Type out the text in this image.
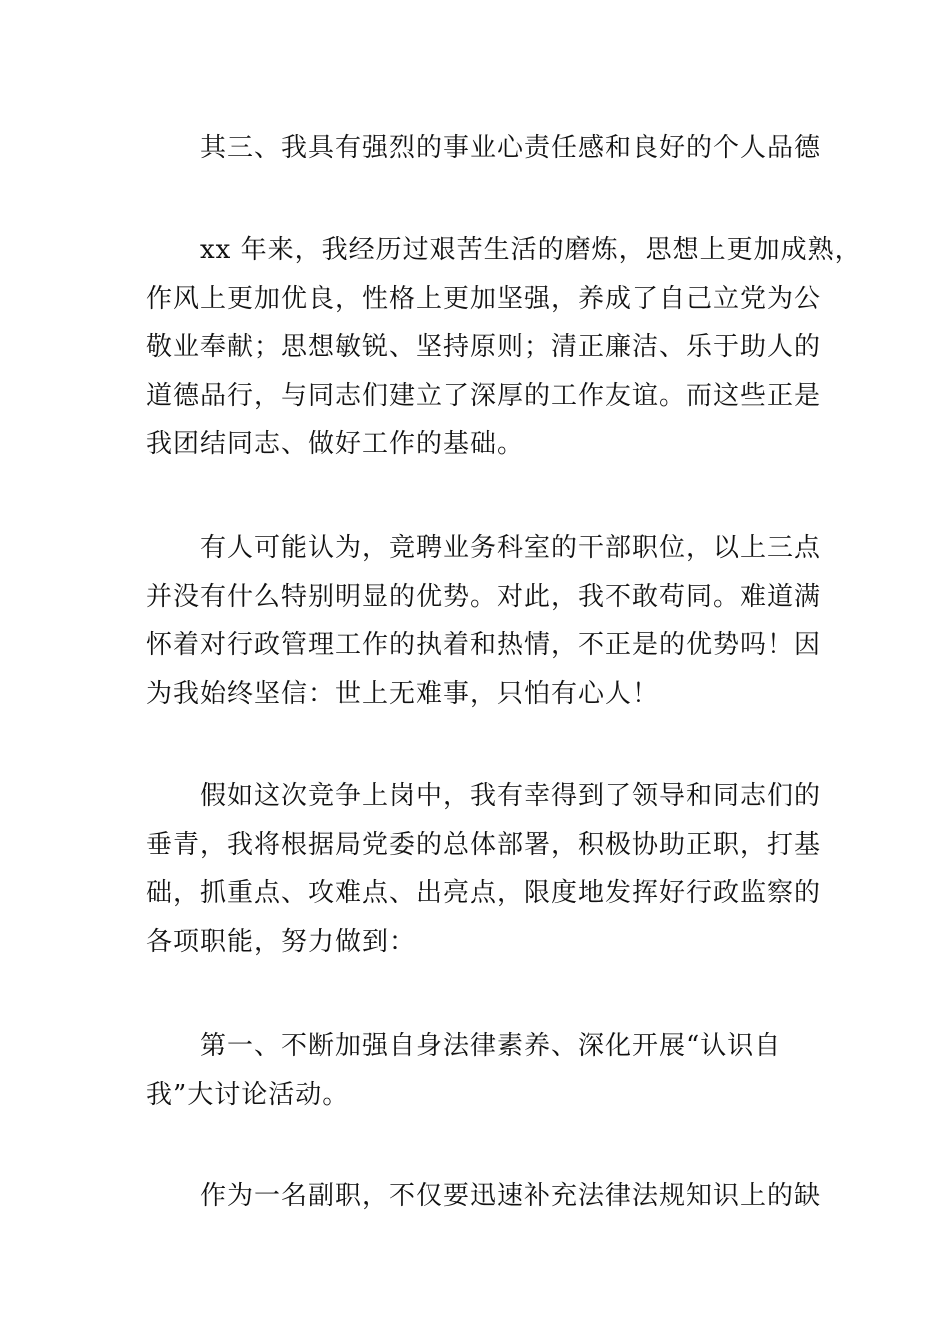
其三、我具有强烈的事业心责任感和良好的个人品德

xx 年来，我经历过艰苦生活的磨炼，思想上更加成熟，
作风上更加优良，性格上更加坚强，养成了自己立党为公
敬业奉献；思想敏锐、坚持原则；清正廉洁、乐于助人的
道德品行，与同志们建立了深厚的工作友谊。而这些正是
我团结同志、做好工作的基础。

有人可能认为，竞聘业务科室的干部职位，以上三点
并没有什么特别明显的优势。对此，我不敢苟同。难道满
怀着对行政管理工作的执着和热情，不正是的优势吗！因
为我始终坚信：世上无难事，只怕有心人！

假如这次竞争上岗中，我有幸得到了领导和同志们的
垂青，我将根据局党委的总体部署，积极协助正职，打基
础，抓重点、攻难点、出亮点，限度地发挥好行政监察的
各项职能，努力做到：

第一、不断加强自身法律素养、深化开展“认识自
我”大讨论活动。

作为一名副职，不仅要迅速补充法律法规知识上的缺
